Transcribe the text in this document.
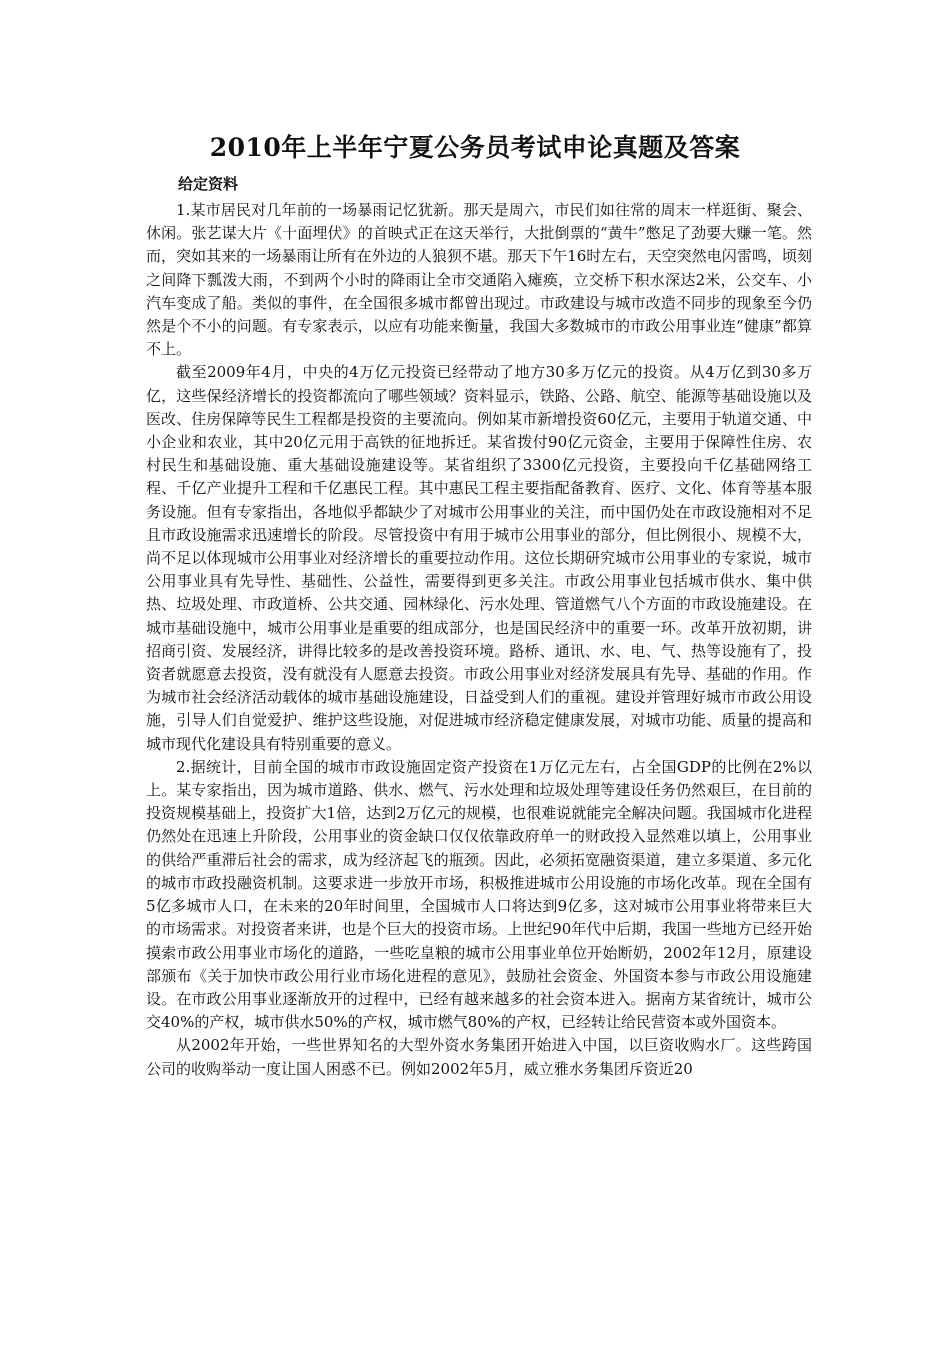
2010年上半年宁夏公务员考试申论真题及答案
给定资料

1.某市居民对几年前的一场暴雨记忆犹新。那天是周六，市民们如往常的周末一样逛街、聚会、休闲。张艺谋大片《十面埋伏》的首映式正在这天举行，大批倒票的“黄牛”憋足了劲要大赚一笔。然而，突如其来的一场暴雨让所有在外边的人狼狈不堪。那天下午16时左右，天空突然电闪雷鸣，顷刻之间降下瓢泼大雨，不到两个小时的降雨让全市交通陷入瘫痪，立交桥下积水深达2米，公交车、小汽车变成了船。类似的事件，在全国很多城市都曾出现过。市政建设与城市改造不同步的现象至今仍然是个不小的问题。有专家表示，以应有功能来衡量，我国大多数城市的市政公用事业连“健康”都算不上。

截至2009年4月，中央的4万亿元投资已经带动了地方30多万亿元的投资。从4万亿到30多万亿，这些保经济增长的投资都流向了哪些领域？资料显示，铁路、公路、航空、能源等基础设施以及医改、住房保障等民生工程都是投资的主要流向。例如某市新增投资60亿元，主要用于轨道交通、中小企业和农业，其中20亿元用于高铁的征地拆迁。某省拨付90亿元资金，主要用于保障性住房、农村民生和基础设施、重大基础设施建设等。某省组织了3300亿元投资，主要投向千亿基础网络工程、千亿产业提升工程和千亿惠民工程。其中惠民工程主要指配备教育、医疗、文化、体育等基本服务设施。但有专家指出，各地似乎都缺少了对城市公用事业的关注，而中国仍处在市政设施相对不足且市政设施需求迅速增长的阶段。尽管投资中有用于城市公用事业的部分，但比例很小、规模不大，尚不足以体现城市公用事业对经济增长的重要拉动作用。这位长期研究城市公用事业的专家说，城市公用事业具有先导性、基础性、公益性，需要得到更多关注。市政公用事业包括城市供水、集中供热、垃圾处理、市政道桥、公共交通、园林绿化、污水处理、管道燃气八个方面的市政设施建设。在城市基础设施中，城市公用事业是重要的组成部分，也是国民经济中的重要一环。改革开放初期，讲招商引资、发展经济，讲得比较多的是改善投资环境。路桥、通讯、水、电、气、热等设施有了，投资者就愿意去投资，没有就没有人愿意去投资。市政公用事业对经济发展具有先导、基础的作用。作为城市社会经济活动载体的城市基础设施建设，日益受到人们的重视。建设并管理好城市市政公用设施，引导人们自觉爱护、维护这些设施，对促进城市经济稳定健康发展，对城市功能、质量的提高和城市现代化建设具有特别重要的意义。

2.据统计，目前全国的城市市政设施固定资产投资在1万亿元左右，占全国GDP的比例在2%以上。某专家指出，因为城市道路、供水、燃气、污水处理和垃圾处理等建设任务仍然艰巨，在目前的投资规模基础上，投资扩大1倍，达到2万亿元的规模，也很难说就能完全解决问题。我国城市化进程仍然处在迅速上升阶段，公用事业的资金缺口仅仅依靠政府单一的财政投入显然难以填上，公用事业的供给严重滞后社会的需求，成为经济起飞的瓶颈。因此，必须拓宽融资渠道，建立多渠道、多元化的城市市政投融资机制。这要求进一步放开市场，积极推进城市公用设施的市场化改革。现在全国有5亿多城市人口，在未来的20年时间里，全国城市人口将达到9亿多，这对城市公用事业将带来巨大的市场需求。对投资者来讲，也是个巨大的投资市场。上世纪90年代中后期，我国一些地方已经开始摸索市政公用事业市场化的道路，一些吃皇粮的城市公用事业单位开始断奶，2002年12月，原建设部颁布《关于加快市政公用行业市场化进程的意见》，鼓励社会资金、外国资本参与市政公用设施建设。在市政公用事业逐渐放开的过程中，已经有越来越多的社会资本进入。据南方某省统计，城市公交40%的产权，城市供水50%的产权，城市燃气80%的产权，已经转让给民营资本或外国资本。

从2002年开始，一些世界知名的大型外资水务集团开始进入中国，以巨资收购水厂。这些跨国公司的收购举动一度让国人困惑不已。例如2002年5月，威立雅水务集团斥资近20
